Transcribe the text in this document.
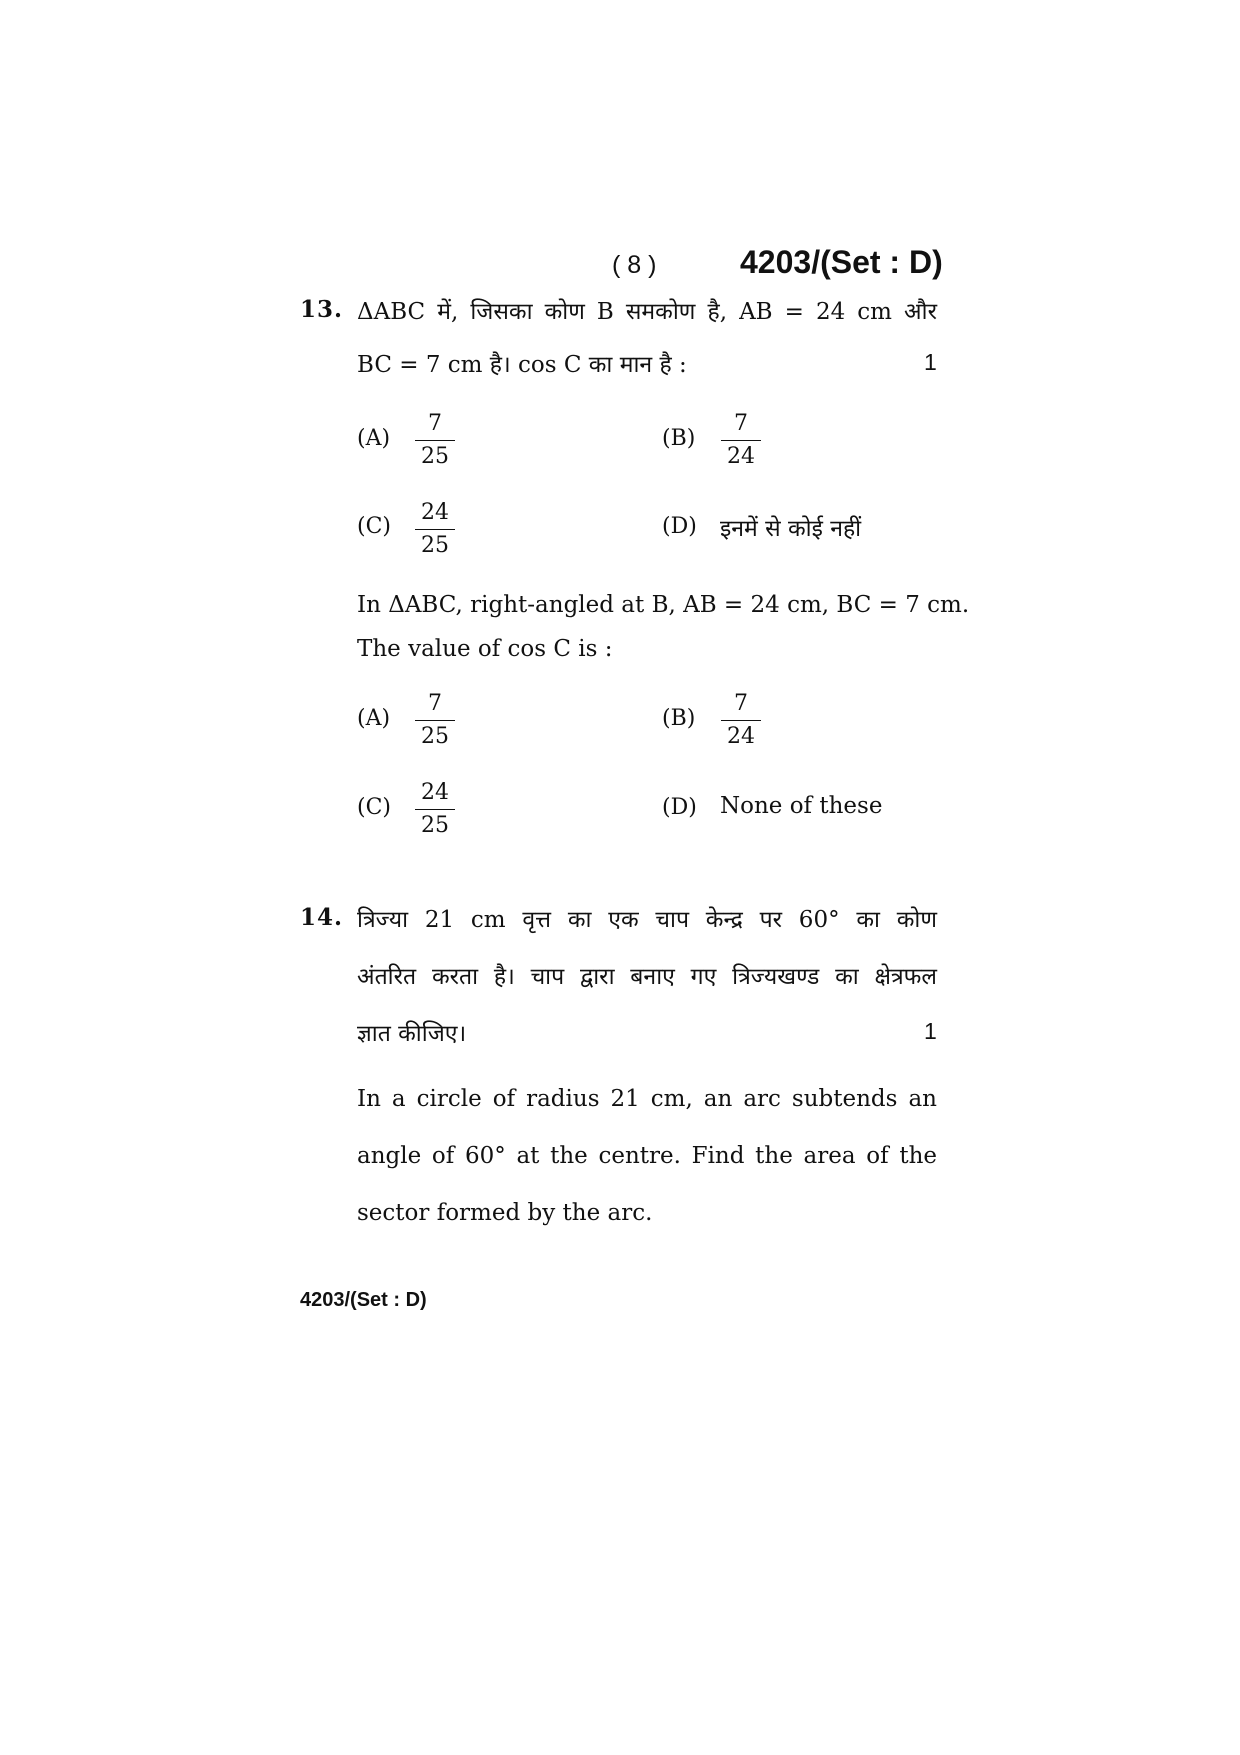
( 8 )	4203/(Set : D)
13. ΔABC में, जिसका कोण B समकोण है, AB = 24 cm और
BC = 7 cm है। cos C का मान है :	1
(A)
7
25
(B)
7
24
(C)
24
25
(D) इनमें से कोई नहीं
In ΔABC, right-angled at B, AB = 24 cm, BC = 7 cm.
The value of cos C is :
(A)
7
25
(B)
7
24
(C)
24
25
(D) None of these
14. त्रिज्या 21 cm वृत्त का एक चाप केन्द्र पर 60° का कोण
अंतरित करता है। चाप द्वारा बनाए गए त्रिज्यखण्ड का क्षेत्रफल
ज्ञात कीजिए।	1
In a circle of radius 21 cm, an arc subtends an
angle of 60° at the centre. Find the area of the
sector formed by the arc.
4203/(Set : D)
